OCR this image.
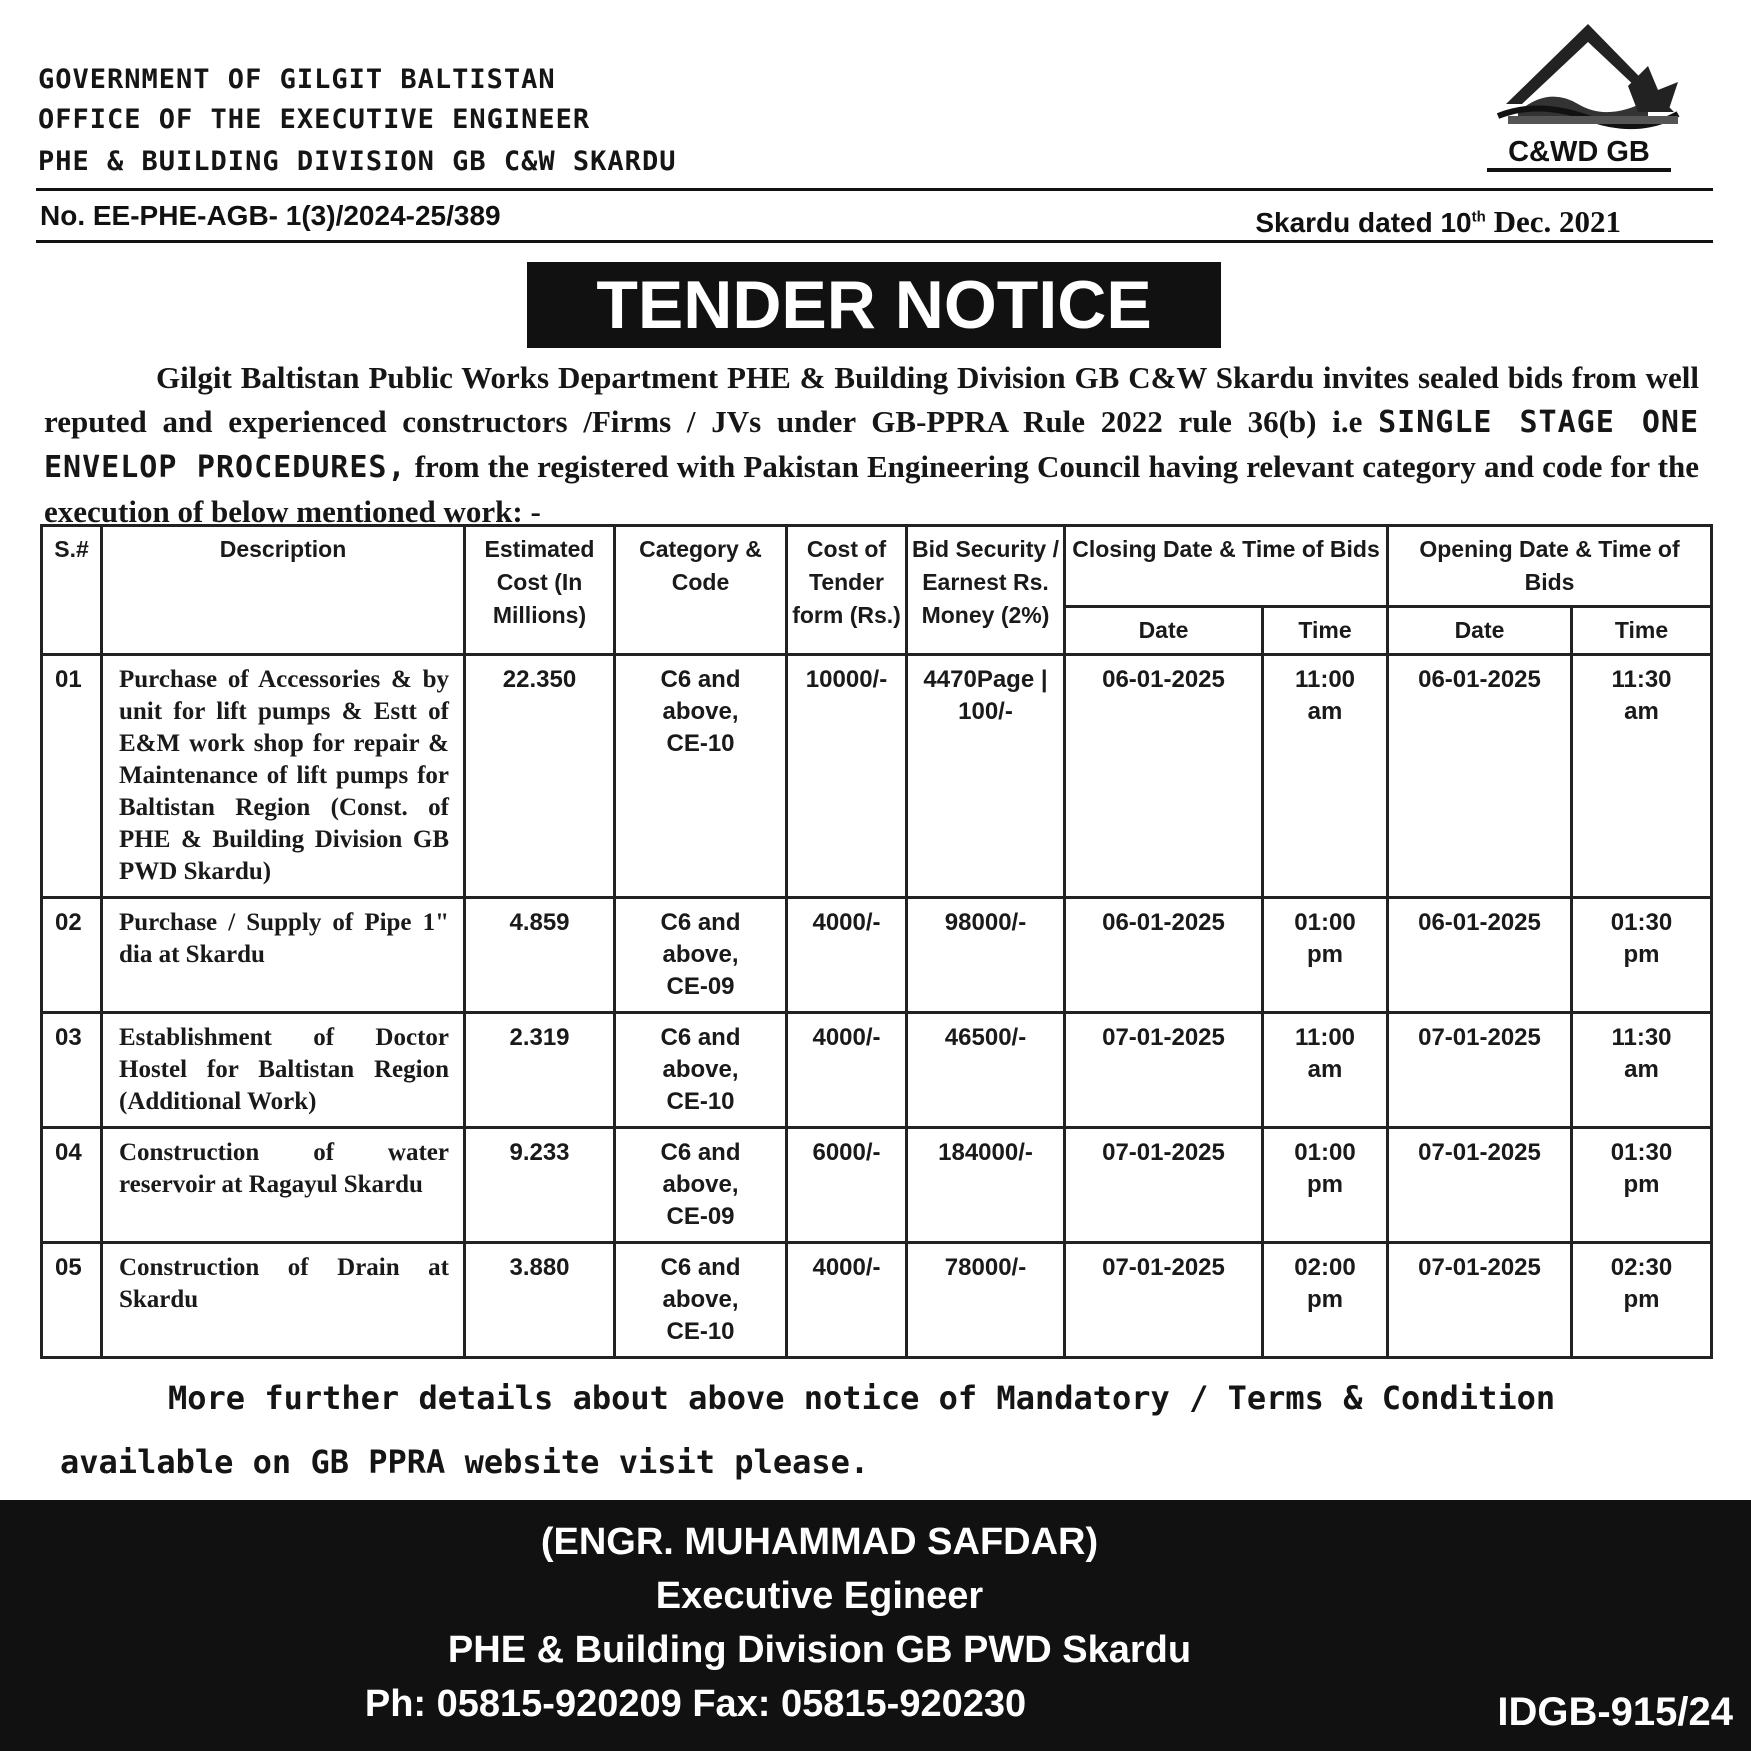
GOVERNMENT OF GILGIT BALTISTAN
OFFICE OF THE EXECUTIVE ENGINEER
PHE & BUILDING DIVISION GB C&W SKARDU	C&WD GB
No. EE-PHE-AGB- 1(3)/2024-25/389	Skardu dated 10th Dec. 2021
TENDER NOTICE
Gilgit Baltistan Public Works Department PHE & Building Division GB C&W Skardu invites sealed bids from well reputed and experienced constructors /Firms / JVs under GB-PPRA Rule 2022 rule 36(b) i.e SINGLE STAGE ONE ENVELOP PROCEDURES, from the registered with Pakistan Engineering Council having relevant category and code for the execution of below mentioned work: -
S.#	Description	Estimated Cost (In Millions)	Category & Code	Cost of Tender form (Rs.)	Bid Security / Earnest Rs. Money (2%)	Closing Date & Time of Bids		Opening Date & Time of Bids	
						Date	Time	Date	Time
01	Purchase of Accessories & by unit for lift pumps & Estt of E&M work shop for repair & Maintenance of lift pumps for Baltistan Region (Const. of PHE & Building Division GB PWD Skardu)	22.350	C6 and
above,
CE-10	10000/-	4470Page |
100/-	06-01-2025	11:00
am	06-01-2025	11:30
am
02	Purchase / Supply of Pipe 1" dia at Skardu	4.859	C6 and
above,
CE-09	4000/-	98000/-	06-01-2025	01:00
pm	06-01-2025	01:30
pm
03	Establishment of Doctor Hostel for Baltistan Region (Additional Work)	2.319	C6 and
above,
CE-10	4000/-	46500/-	07-01-2025	11:00
am	07-01-2025	11:30
am
04	Construction of water reservoir at Ragayul Skardu	9.233	C6 and
above,
CE-09	6000/-	184000/-	07-01-2025	01:00
pm	07-01-2025	01:30
pm
05	Construction of Drain at Skardu	3.880	C6 and
above,
CE-10	4000/-	78000/-	07-01-2025	02:00
pm	07-01-2025	02:30
pm
More further details about above notice of Mandatory / Terms & Condition available on GB PPRA website visit please.
(ENGR. MUHAMMAD SAFDAR)
Executive Egineer
PHE & Building Division GB PWD Skardu
Ph: 05815-920209 Fax: 05815-920230	IDGB-915/24
